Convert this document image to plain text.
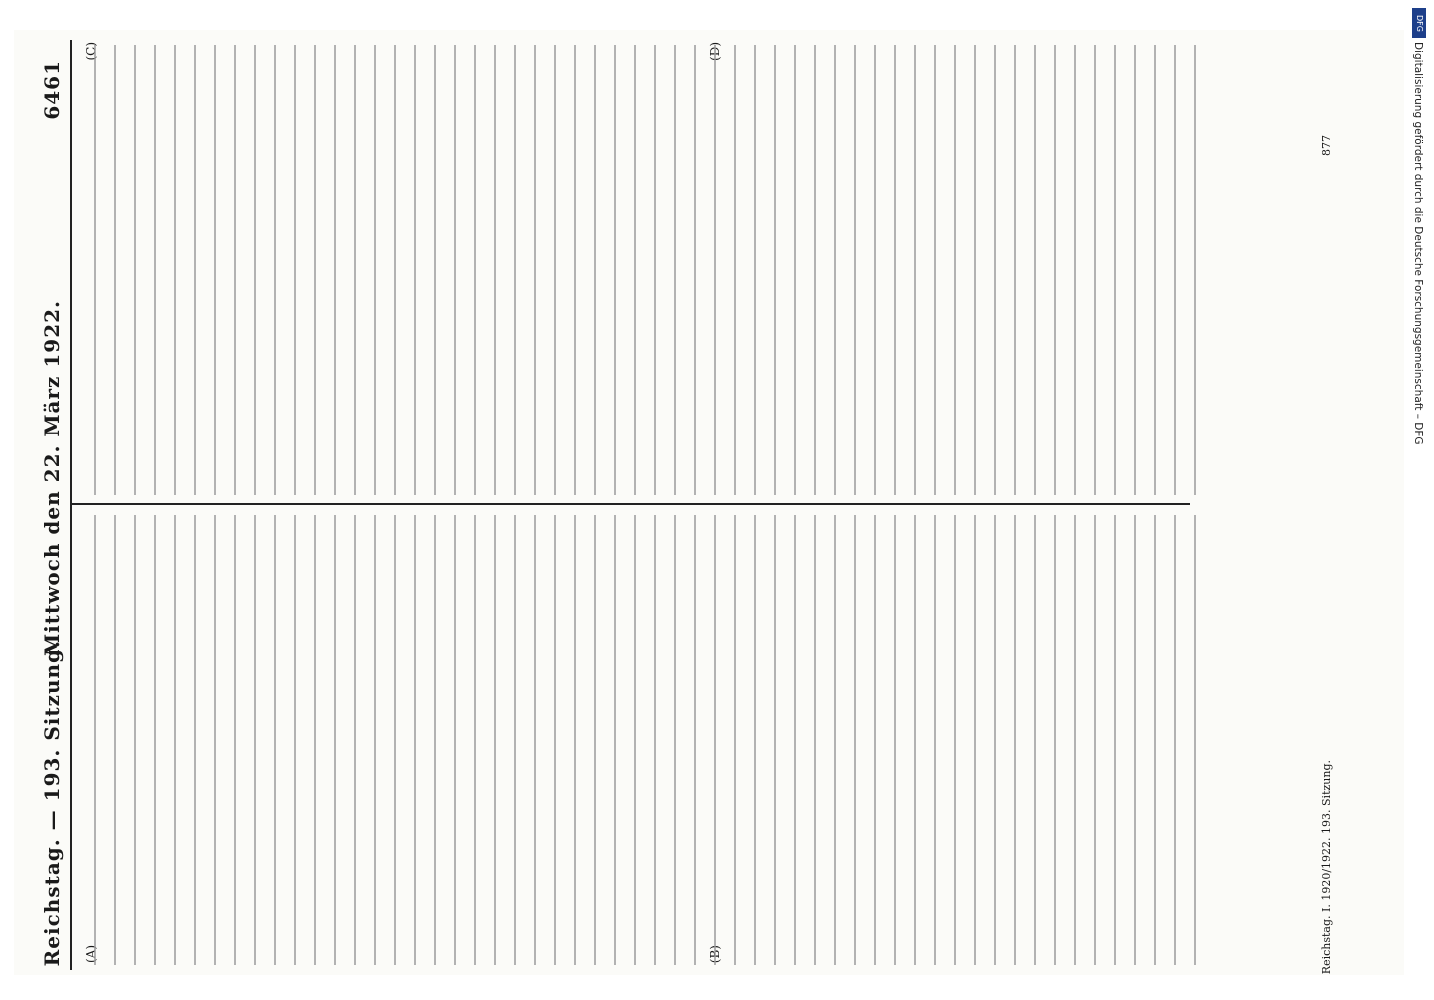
Reichstag. — 193. Sitzung.
Mittwoch den 22. März 1922.
6461
(A)	(B)
(C)	(D)
Reichstag. I. 1920/1922. 193. Sitzung.
877
DFG
Digitalisierung gefördert durch die Deutsche Forschungsgemeinschaft – DFG
